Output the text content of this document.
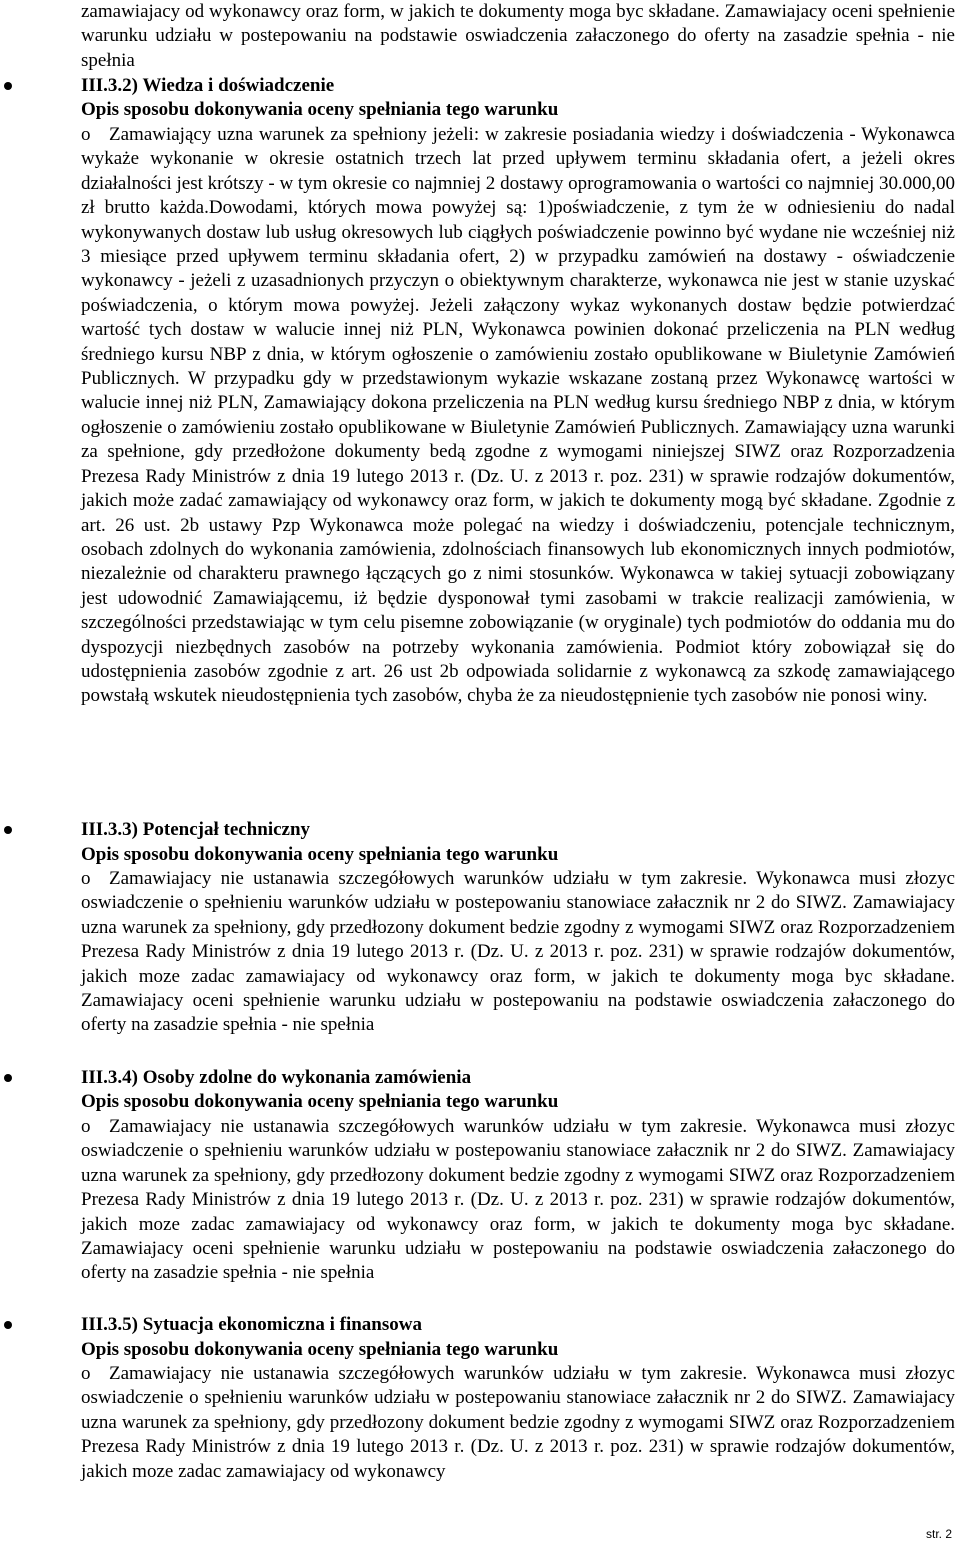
zamawiajacy od wykonawcy oraz form, w jakich te dokumenty moga byc składane. Zamawiajacy oceni spełnienie warunku udziału w postepowaniu na podstawie oswiadczenia załaczonego do oferty na zasadzie spełnia - nie spełnia

III.3.2) Wiedza i doświadczenie
Opis sposobu dokonywania oceny spełniania tego warunku
o Zamawiający uzna warunek za spełniony jeżeli: w zakresie posiadania wiedzy i doświadczenia - Wykonawca wykaże wykonanie w okresie ostatnich trzech lat przed upływem terminu składania ofert, a jeżeli okres działalności jest krótszy - w tym okresie co najmniej 2 dostawy oprogramowania o wartości co najmniej 30.000,00 zł brutto każda.Dowodami, których mowa powyżej są: 1)poświadczenie, z tym że w odniesieniu do nadal wykonywanych dostaw lub usług okresowych lub ciągłych poświadczenie powinno być wydane nie wcześniej niż 3 miesiące przed upływem terminu składania ofert, 2) w przypadku zamówień na dostawy - oświadczenie wykonawcy - jeżeli z uzasadnionych przyczyn o obiektywnym charakterze, wykonawca nie jest w stanie uzyskać poświadczenia, o którym mowa powyżej. Jeżeli załączony wykaz wykonanych dostaw będzie potwierdzać wartość tych dostaw w walucie innej niż PLN, Wykonawca powinien dokonać przeliczenia na PLN według średniego kursu NBP z dnia, w którym ogłoszenie o zamówieniu zostało opublikowane w Biuletynie Zamówień Publicznych. W przypadku gdy w przedstawionym wykazie wskazane zostaną przez Wykonawcę wartości w walucie innej niż PLN, Zamawiający dokona przeliczenia na PLN według kursu średniego NBP z dnia, w którym ogłoszenie o zamówieniu zostało opublikowane w Biuletynie Zamówień Publicznych. Zamawiający uzna warunki za spełnione, gdy przedłożone dokumenty bedą zgodne z wymogami niniejszej SIWZ oraz Rozporzadzenia Prezesa Rady Ministrów z dnia 19 lutego 2013 r. (Dz. U. z 2013 r. poz. 231) w sprawie rodzajów dokumentów, jakich może zadać zamawiający od wykonawcy oraz form, w jakich te dokumenty mogą być składane. Zgodnie z art. 26 ust. 2b ustawy Pzp Wykonawca może polegać na wiedzy i doświadczeniu, potencjale technicznym, osobach zdolnych do wykonania zamówienia, zdolnościach finansowych lub ekonomicznych innych podmiotów, niezależnie od charakteru prawnego łączących go z nimi stosunków. Wykonawca w takiej sytuacji zobowiązany jest udowodnić Zamawiającemu, iż będzie dysponował tymi zasobami w trakcie realizacji zamówienia, w szczególności przedstawiając w tym celu pisemne zobowiązanie (w oryginale) tych podmiotów do oddania mu do dyspozycji niezbędnych zasobów na potrzeby wykonania zamówienia. Podmiot który zobowiązał się do udostępnienia zasobów zgodnie z art. 26 ust 2b odpowiada solidarnie z wykonawcą za szkodę zamawiającego powstałą wskutek nieudostępnienia tych zasobów, chyba że za nieudostępnienie tych zasobów nie ponosi winy.

III.3.3) Potencjał techniczny
Opis sposobu dokonywania oceny spełniania tego warunku
o Zamawiajacy nie ustanawia szczegółowych warunków udziału w tym zakresie. Wykonawca musi złozyc oswiadczenie o spełnieniu warunków udziału w postepowaniu stanowiace załacznik nr 2 do SIWZ. Zamawiajacy uzna warunek za spełniony, gdy przedłozony dokument bedzie zgodny z wymogami SIWZ oraz Rozporzadzeniem Prezesa Rady Ministrów z dnia 19 lutego 2013 r. (Dz. U. z 2013 r. poz. 231) w sprawie rodzajów dokumentów, jakich moze zadac zamawiajacy od wykonawcy oraz form, w jakich te dokumenty moga byc składane. Zamawiajacy oceni spełnienie warunku udziału w postepowaniu na podstawie oswiadczenia załaczonego do oferty na zasadzie spełnia - nie spełnia

III.3.4) Osoby zdolne do wykonania zamówienia
Opis sposobu dokonywania oceny spełniania tego warunku
o Zamawiajacy nie ustanawia szczegółowych warunków udziału w tym zakresie. Wykonawca musi złozyc oswiadczenie o spełnieniu warunków udziału w postepowaniu stanowiace załacznik nr 2 do SIWZ. Zamawiajacy uzna warunek za spełniony, gdy przedłozony dokument bedzie zgodny z wymogami SIWZ oraz Rozporzadzeniem Prezesa Rady Ministrów z dnia 19 lutego 2013 r. (Dz. U. z 2013 r. poz. 231) w sprawie rodzajów dokumentów, jakich moze zadac zamawiajacy od wykonawcy oraz form, w jakich te dokumenty moga byc składane. Zamawiajacy oceni spełnienie warunku udziału w postepowaniu na podstawie oswiadczenia załaczonego do oferty na zasadzie spełnia - nie spełnia

III.3.5) Sytuacja ekonomiczna i finansowa
Opis sposobu dokonywania oceny spełniania tego warunku
o Zamawiajacy nie ustanawia szczegółowych warunków udziału w tym zakresie. Wykonawca musi złozyc oswiadczenie o spełnieniu warunków udziału w postepowaniu stanowiace załacznik nr 2 do SIWZ. Zamawiajacy uzna warunek za spełniony, gdy przedłozony dokument bedzie zgodny z wymogami SIWZ oraz Rozporzadzeniem Prezesa Rady Ministrów z dnia 19 lutego 2013 r. (Dz. U. z 2013 r. poz. 231) w sprawie rodzajów dokumentów, jakich moze zadac zamawiajacy od wykonawcy

str. 2
